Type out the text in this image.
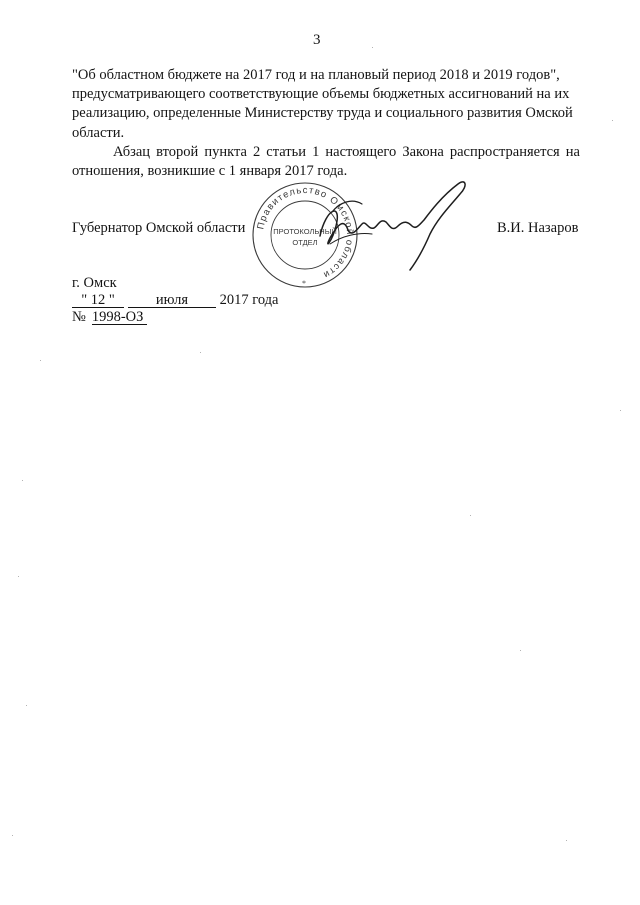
3

"Об областном бюджете на 2017 год и на плановый период 2018 и 2019 годов", предусматривающего соответствующие объемы бюджетных ассигнований на их реализацию, определенные Министерству труда и социального развития Омской области.

Абзац второй пункта 2 статьи 1 настоящего Закона распространяется на отношения, возникшие с 1 января 2017 года.

Губернатор Омской области	В.И. Назаров
Правительство Омской области
ПРОТОКОЛЬНЫЙ
ОТДЕЛ
*
г. Омск
" 12 "	июля 2017 года
№ 1998-ОЗ
